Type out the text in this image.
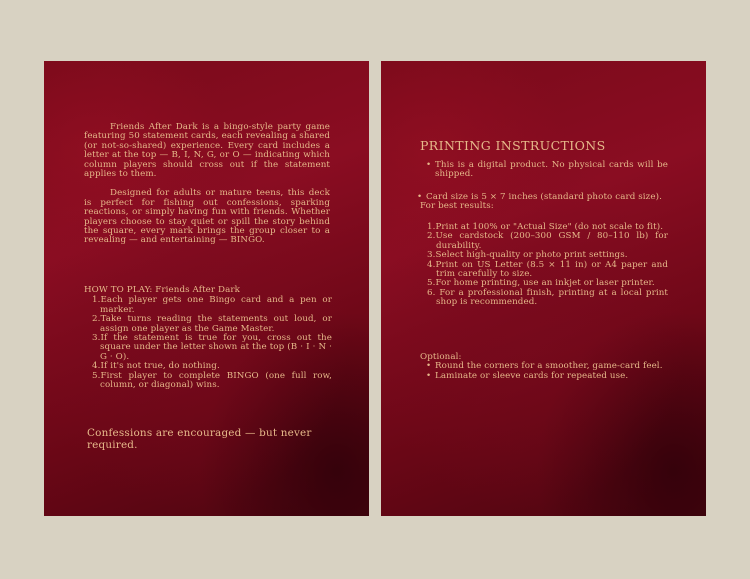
Friends After Dark is a bingo-style party game featuring 50 statement cards, each revealing a shared (or not-so-shared) experience. Every card includes a letter at the top — B, I, N, G, or O — indicating which column players should cross out if the statement applies to them.

Designed for adults or mature teens, this deck is perfect for fishing out confessions, sparking reactions, or simply having fun with friends. Whether players choose to stay quiet or spill the story behind the square, every mark brings the group closer to a revealing — and entertaining — BINGO.

HOW TO PLAY: Friends After Dark

1.Each player gets one Bingo card and a pen or marker.
2.Take turns reading the statements out loud, or assign one player as the Game Master.
3.If the statement is true for you, cross out the square under the letter shown at the top (B · I · N · G · O).
4.If it's not true, do nothing.
5.First player to complete BINGO (one full row, column, or diagonal) wins.
Confessions are encouraged — but never required.
PRINTING INSTRUCTIONS

• This is a digital product. No physical cards will be shipped.

• Card size is 5 × 7 inches (standard photo card size).

For best results:

1.Print at 100% or "Actual Size" (do not scale to fit).
2.Use cardstock (200–300 GSM / 80–110 lb) for durability.
3.Select high-quality or photo print settings.
4.Print on US Letter (8.5 × 11 in) or A4 paper and trim carefully to size.
5.For home printing, use an inkjet or laser printer.
6. For a professional finish, printing at a local print shop is recommended.

Optional:

• Round the corners for a smoother, game-card feel.

• Laminate or sleeve cards for repeated use.
